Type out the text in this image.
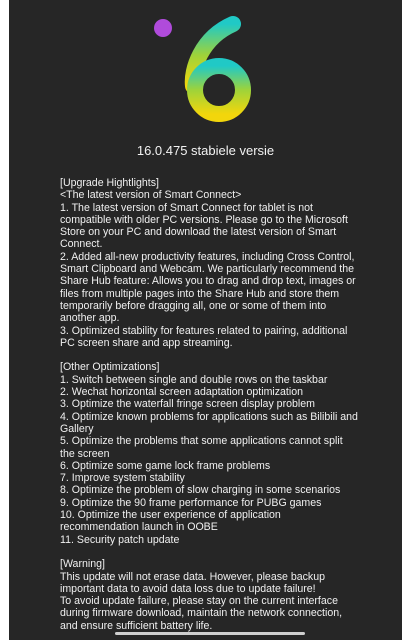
16.0.475 stabiele versie

[Upgrade Hightlights]

<The latest version of Smart Connect>

1. The latest version of Smart Connect for tablet is not compatible with older PC versions. Please go to the Microsoft Store on your PC and download the latest version of Smart Connect.

2. Added all-new productivity features, including Cross Control, Smart Clipboard and Webcam. We particularly recommend the Share Hub feature: Allows you to drag and drop text, images or files from multiple pages into the Share Hub and store them temporarily before dragging all, one or some of them into another app.

3. Optimized stability for features related to pairing, additional PC screen share and app streaming.

[Other Optimizations]

1. Switch between single and double rows on the taskbar

2. Wechat horizontal screen adaptation optimization

3. Optimize the waterfall fringe screen display problem

4. Optimize known problems for applications such as Bilibili and Gallery

5. Optimize the problems that some applications cannot split the screen

6. Optimize some game lock frame problems

7. Improve system stability

8. Optimize the problem of slow charging in some scenarios

9. Optimize the 90 frame performance for PUBG games

10. Optimize the user experience of application recommendation launch in OOBE

11. Security patch update

[Warning]

This update will not erase data. However, please backup important data to avoid data loss due to update failure!

To avoid update failure, please stay on the current interface during firmware download, maintain the network connection, and ensure sufficient battery life.
